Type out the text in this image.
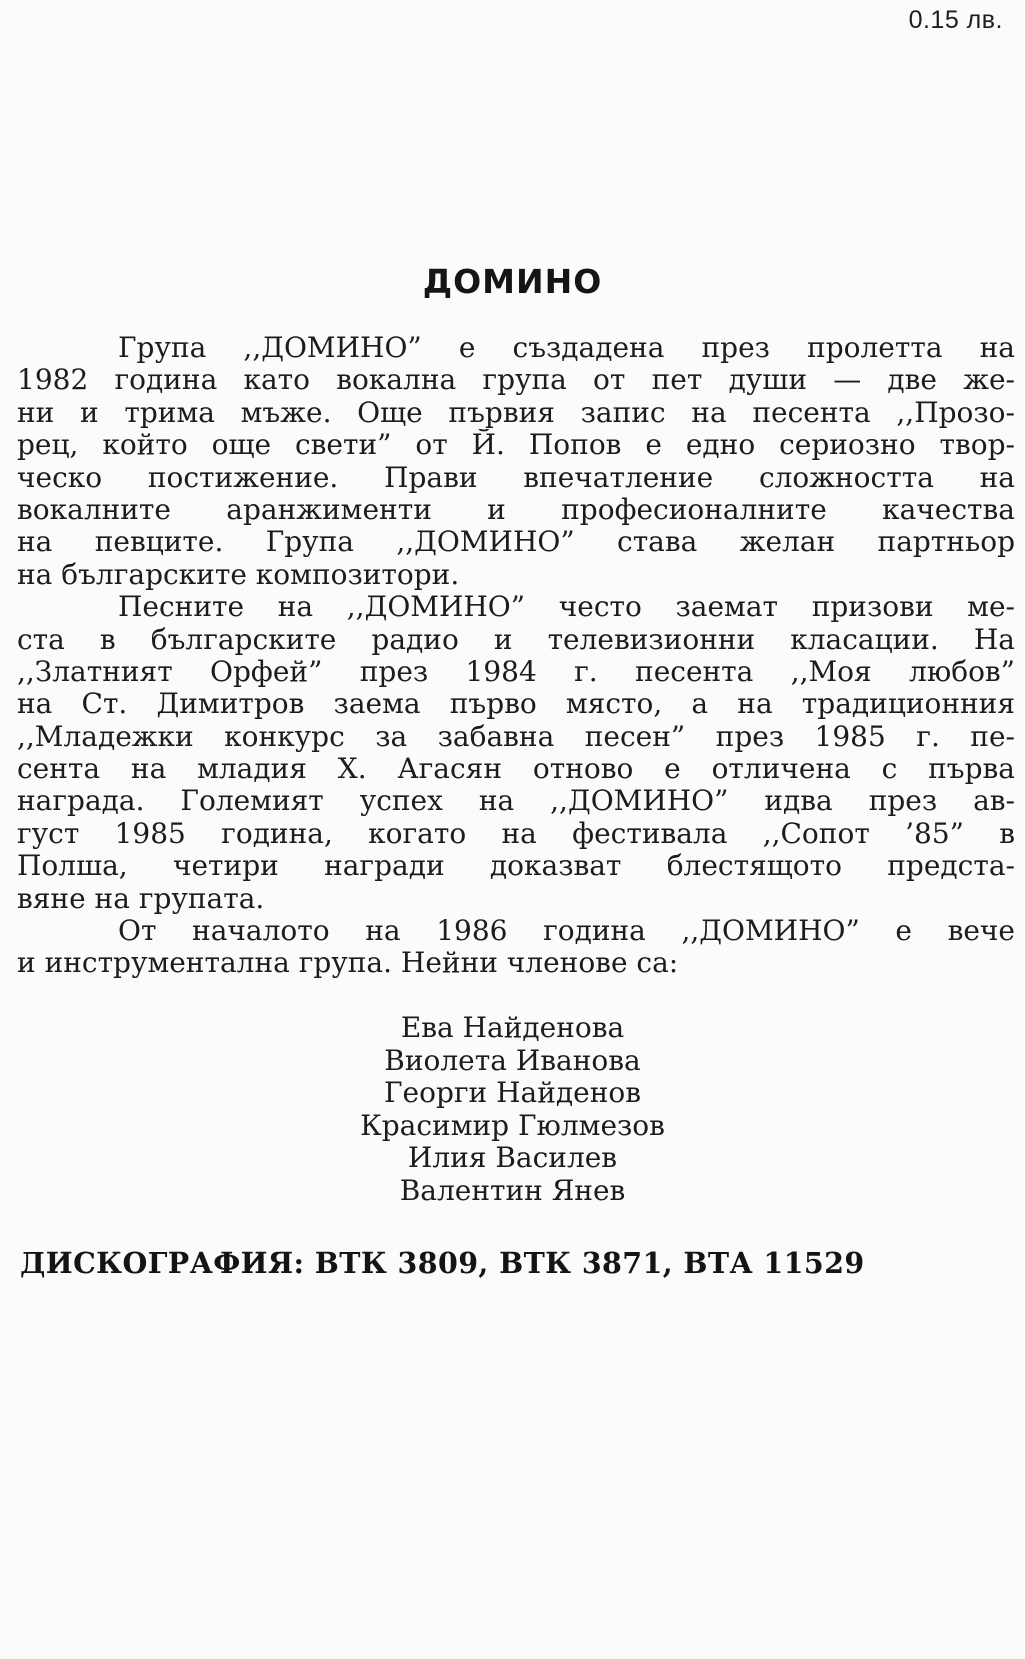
0.15 лв.
ДОМИНО
Група ,,ДОМИНО” е създадена през пролетта на
1982 година като вокална група от пет души — две же-
ни и трима мъже. Още първия запис на песента ,,Прозо-
рец, който още свети” от Й. Попов е едно сериозно твор-
ческо постижение. Прави впечатление сложността на
вокалните аранжименти и професионалните качества
на певците. Група ,,ДОМИНО” става желан партньор
на българските композитори.
Песните на ,,ДОМИНО” често заемат призови ме-
ста в българските радио и телевизионни класации. На
,,Златният Орфей” през 1984 г. песента ,,Моя любов”
на Ст. Димитров заема първо място, а на традиционния
,,Младежки конкурс за забавна песен” през 1985 г. пе-
сента на младия Х. Агасян отново е отличена с първа
награда. Големият успех на ,,ДОМИНО” идва през ав-
густ 1985 година, когато на фестивала ,,Сопот ’85” в
Полша, четири награди доказват блестящото предста-
вяне на групата.
От началото на 1986 година ,,ДОМИНО” е вече
и инструментална група. Нейни членове са:
Ева Найденова
Виолета Иванова
Георги Найденов
Красимир Гюлмезов
Илия Василев
Валентин Янев
ДИСКОГРАФИЯ: ВТК 3809, ВТК 3871, ВТА 11529
